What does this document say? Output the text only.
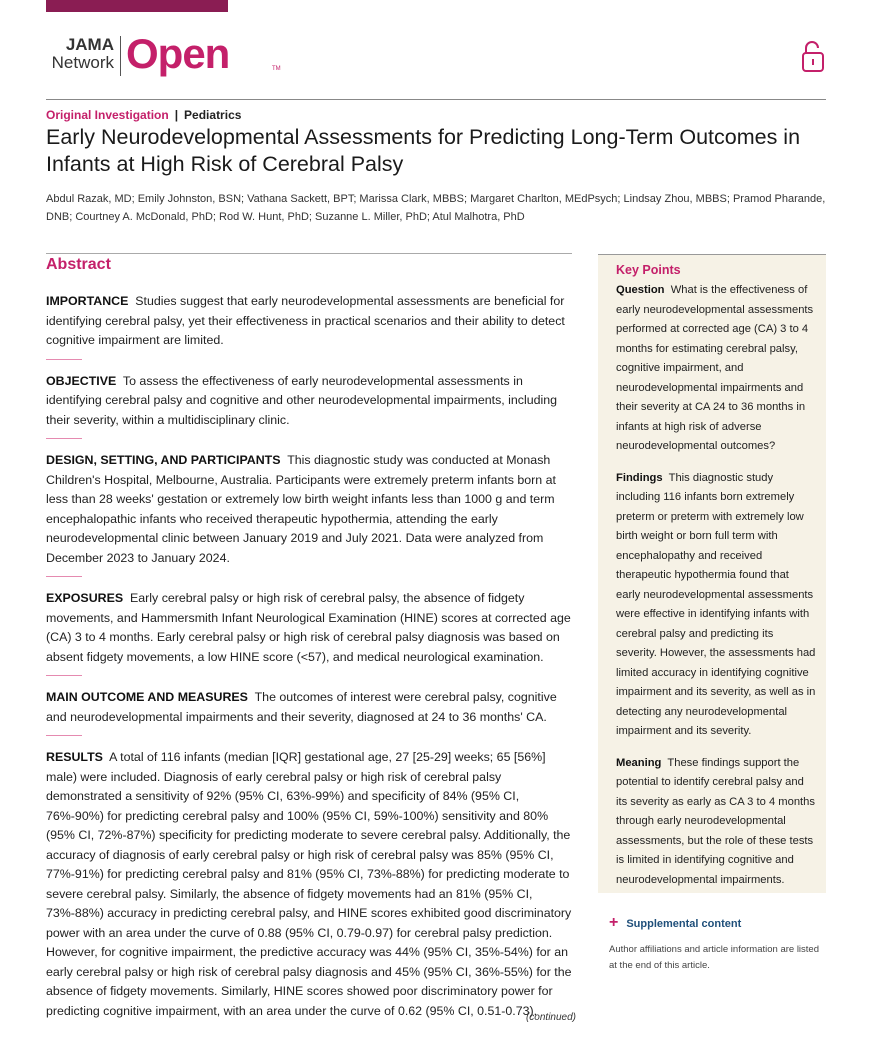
JAMA
Network Open	TM
Original Investigation | Pediatrics
Early Neurodevelopmental Assessments for Predicting Long-Term Outcomes in Infants at High Risk of Cerebral Palsy
Abdul Razak, MD; Emily Johnston, BSN; Vathana Sackett, BPT; Marissa Clark, MBBS; Margaret Charlton, MEdPsych; Lindsay Zhou, MBBS; Pramod Pharande, DNB; Courtney A. McDonald, PhD; Rod W. Hunt, PhD; Suzanne L. Miller, PhD; Atul Malhotra, PhD
Abstract

IMPORTANCE Studies suggest that early neurodevelopmental assessments are beneficial for identifying cerebral palsy, yet their effectiveness in practical scenarios and their ability to detect cognitive impairment are limited.

OBJECTIVE To assess the effectiveness of early neurodevelopmental assessments in identifying cerebral palsy and cognitive and other neurodevelopmental impairments, including their severity, within a multidisciplinary clinic.

DESIGN, SETTING, AND PARTICIPANTS This diagnostic study was conducted at Monash Children's Hospital, Melbourne, Australia. Participants were extremely preterm infants born at less than 28 weeks' gestation or extremely low birth weight infants less than 1000 g and term encephalopathic infants who received therapeutic hypothermia, attending the early neurodevelopmental clinic between January 2019 and July 2021. Data were analyzed from December 2023 to January 2024.

EXPOSURES Early cerebral palsy or high risk of cerebral palsy, the absence of fidgety movements, and Hammersmith Infant Neurological Examination (HINE) scores at corrected age (CA) 3 to 4 months. Early cerebral palsy or high risk of cerebral palsy diagnosis was based on absent fidgety movements, a low HINE score (<57), and medical neurological examination.

MAIN OUTCOME AND MEASURES The outcomes of interest were cerebral palsy, cognitive and neurodevelopmental impairments and their severity, diagnosed at 24 to 36 months' CA.

RESULTS A total of 116 infants (median [IQR] gestational age, 27 [25-29] weeks; 65 [56%] male) were included. Diagnosis of early cerebral palsy or high risk of cerebral palsy demonstrated a sensitivity of 92% (95% CI, 63%-99%) and specificity of 84% (95% CI, 76%-90%) for predicting cerebral palsy and 100% (95% CI, 59%-100%) sensitivity and 80% (95% CI, 72%-87%) specificity for predicting moderate to severe cerebral palsy. Additionally, the accuracy of diagnosis of early cerebral palsy or high risk of cerebral palsy was 85% (95% CI, 77%-91%) for predicting cerebral palsy and 81% (95% CI, 73%-88%) for predicting moderate to severe cerebral palsy. Similarly, the absence of fidgety movements had an 81% (95% CI, 73%-88%) accuracy in predicting cerebral palsy, and HINE scores exhibited good discriminatory power with an area under the curve of 0.88 (95% CI, 0.79-0.97) for cerebral palsy prediction. However, for cognitive impairment, the predictive accuracy was 44% (95% CI, 35%-54%) for an early cerebral palsy or high risk of cerebral palsy diagnosis and 45% (95% CI, 36%-55%) for the absence of fidgety movements. Similarly, HINE scores showed poor discriminatory power for predicting cognitive impairment, with an area under the curve of 0.62 (95% CI, 0.51-0.73).

(continued)
Key Points

Question What is the effectiveness of early neurodevelopmental assessments performed at corrected age (CA) 3 to 4 months for estimating cerebral palsy, cognitive impairment, and neurodevelopmental impairments and their severity at CA 24 to 36 months in infants at high risk of adverse neurodevelopmental outcomes?

Findings This diagnostic study including 116 infants born extremely preterm or preterm with extremely low birth weight or born full term with encephalopathy and received therapeutic hypothermia found that early neurodevelopmental assessments were effective in identifying infants with cerebral palsy and predicting its severity. However, the assessments had limited accuracy in identifying cognitive impairment and its severity, as well as in detecting any neurodevelopmental impairment and its severity.

Meaning These findings support the potential to identify cerebral palsy and its severity as early as CA 3 to 4 months through early neurodevelopmental assessments, but the role of these tests is limited in identifying cognitive and neurodevelopmental impairments.

+ Supplemental content
Author affiliations and article information are listed at the end of this article.
